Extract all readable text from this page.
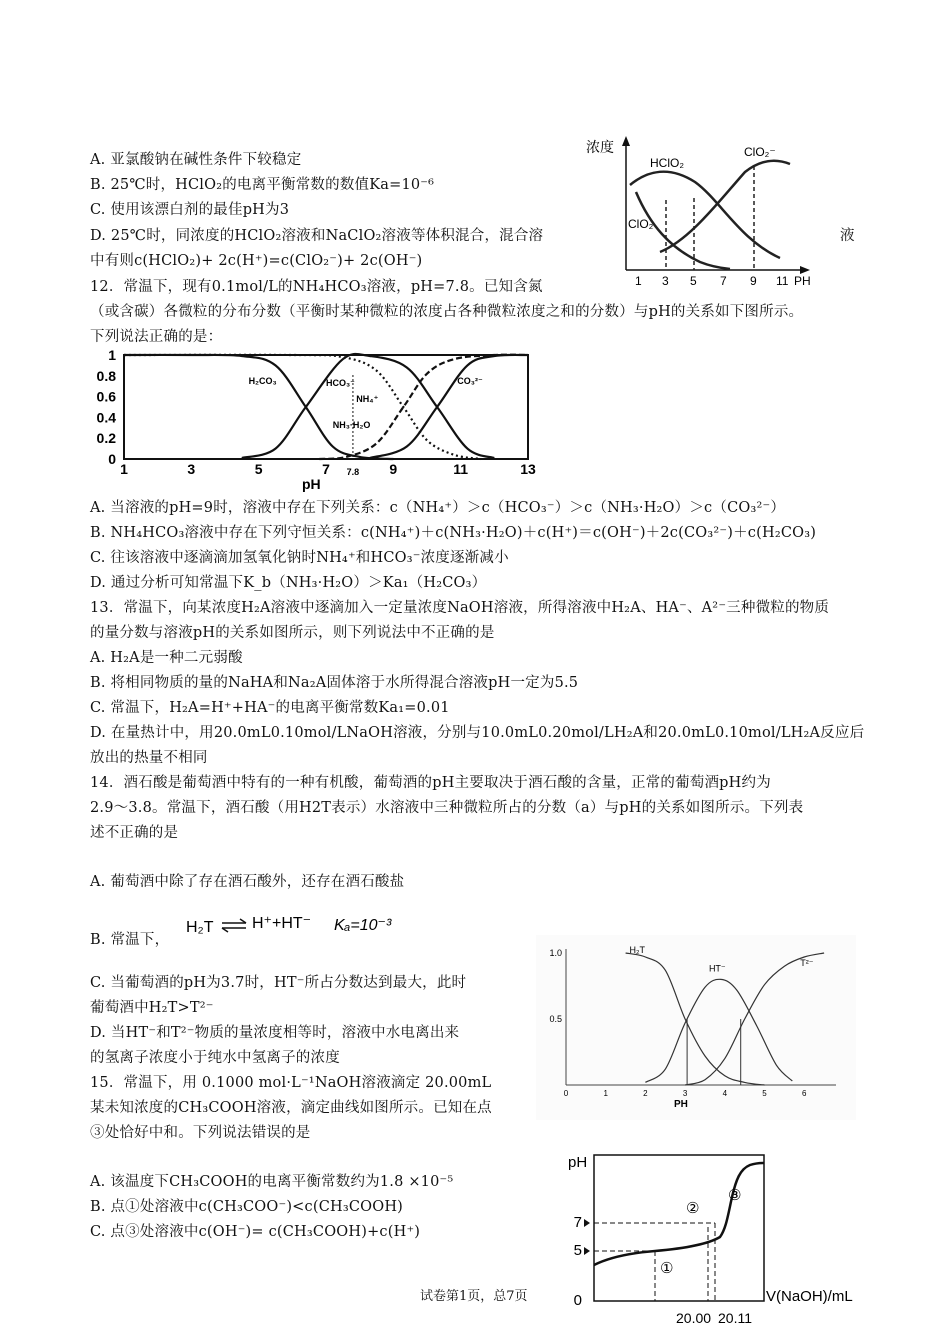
A. 亚氯酸钠在碱性条件下较稳定
B. 25℃时，HClO₂的电离平衡常数的数值Ka=10⁻⁶
C. 使用该漂白剂的最佳pH为3
D. 25℃时，同浓度的HClO₂溶液和NaClO₂溶液等体积混合，混合溶	液
中有则c(HClO₂)+ 2c(H⁺)=c(ClO₂⁻)+ 2c(OH⁻)
浓度
HClO₂
ClO₂⁻
ClO₂
1 3 5 7 9 11 PH
12．常温下，现有0.1mol/L的NH₄HCO₃溶液，pH=7.8。已知含氮
（或含碳）各微粒的分布分数（平衡时某种微粒的浓度占各种微粒浓度之和的分数）与pH的关系如下图所示。
下列说法正确的是：
0
0.2
0.4
0.6
0.8
1
1	3	5	7 7.8 9	11	13
H₂CO₃	HCO₃⁻	CO₃²⁻
NH₄⁺
NH₃·H₂O
pH
A. 当溶液的pH=9时，溶液中存在下列关系：c（NH₄⁺）＞c（HCO₃⁻）＞c（NH₃·H₂O）＞c（CO₃²⁻）
B. NH₄HCO₃溶液中存在下列守恒关系：c(NH₄⁺)＋c(NH₃·H₂O)＋c(H⁺)＝c(OH⁻)＋2c(CO₃²⁻)＋c(H₂CO₃)
C. 往该溶液中逐滴滴加氢氧化钠时NH₄⁺和HCO₃⁻浓度逐渐减小
D. 通过分析可知常温下K_b（NH₃·H₂O）＞Ka₁（H₂CO₃）
13．常温下，向某浓度H₂A溶液中逐滴加入一定量浓度NaOH溶液，所得溶液中H₂A、HA⁻、A²⁻三种微粒的物质
的量分数与溶液pH的关系如图所示，则下列说法中不正确的是
A. H₂A是一种二元弱酸
B. 将相同物质的量的NaHA和Na₂A固体溶于水所得混合溶液pH一定为5.5
C. 常温下，H₂A=H⁺+HA⁻的电离平衡常数Ka₁=0.01
D. 在量热计中，用20.0mL0.10mol/LNaOH溶液，分别与10.0mL0.20mol/LH₂A和20.0mL0.10mol/LH₂A反应后
放出的热量不相同
14．酒石酸是葡萄酒中特有的一种有机酸，葡萄酒的pH主要取决于酒石酸的含量，正常的葡萄酒pH约为
2.9～3.8。常温下，酒石酸（用H2T表示）水溶液中三种微粒所占的分数（a）与pH的关系如图所示。下列表
述不正确的是
A. 葡萄酒中除了存在酒石酸外，还存在酒石酸盐
B. 常温下，
H₂T H⁺+HT⁻ Kₐ=10⁻³
C. 当葡萄酒的pH为3.7时，HT⁻所占分数达到最大，此时
葡萄酒中H₂T>T²⁻
D. 当HT⁻和T²⁻物质的量浓度相等时，溶液中水电离出来
的氢离子浓度小于纯水中氢离子的浓度
1.0
0.5
0	1	2	3	4	5	6
H₂T
HT⁻
T²⁻
PH
15．常温下，用 0.1000 mol·L⁻¹NaOH溶液滴定 20.00mL
某未知浓度的CH₃COOH溶液，滴定曲线如图所示。已知在点
③处恰好中和。下列说法错误的是
A. 该温度下CH₃COOH的电离平衡常数约为1.8 ×10⁻⁵
B. 点①处溶液中c(CH₃COO⁻)<c(CH₃COOH)
C. 点③处溶液中c(OH⁻)= c(CH₃COOH)+c(H⁺)
pH
7
5
0
①
②
③
V(NaOH)/mL
20.00 20.11
试卷第1页，总7页
